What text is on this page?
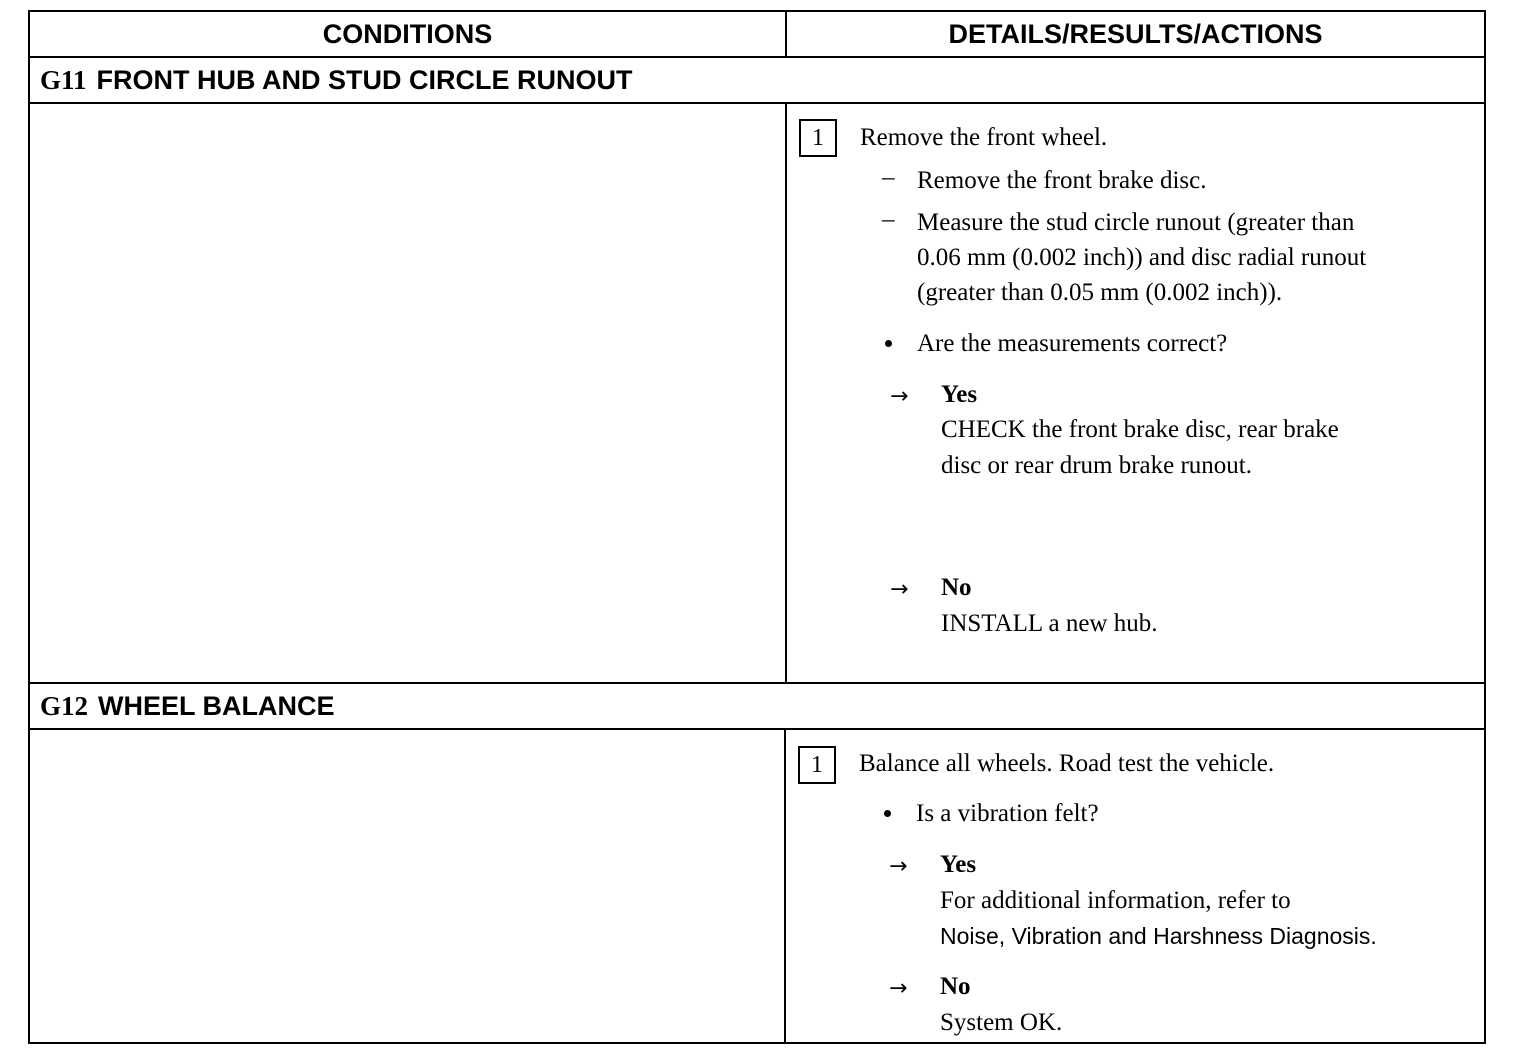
CONDITIONS	DETAILS/RESULTS/ACTIONS
G11 FRONT HUB AND STUD CIRCLE RUNOUT
1	Remove the front wheel.
– Remove the front brake disc.
– Measure the stud circle runout (greater than
0.06 mm (0.002 inch)) and disc radial runout
(greater than 0.05 mm (0.002 inch)).
Are the measurements correct?
→ Yes
CHECK the front brake disc, rear brake
disc or rear drum brake runout.
→ No
INSTALL a new hub.
G12 WHEEL BALANCE
1	Balance all wheels. Road test the vehicle.
Is a vibration felt?
→ Yes
For additional information, refer to
Noise, Vibration and Harshness Diagnosis.
→ No
System OK.
